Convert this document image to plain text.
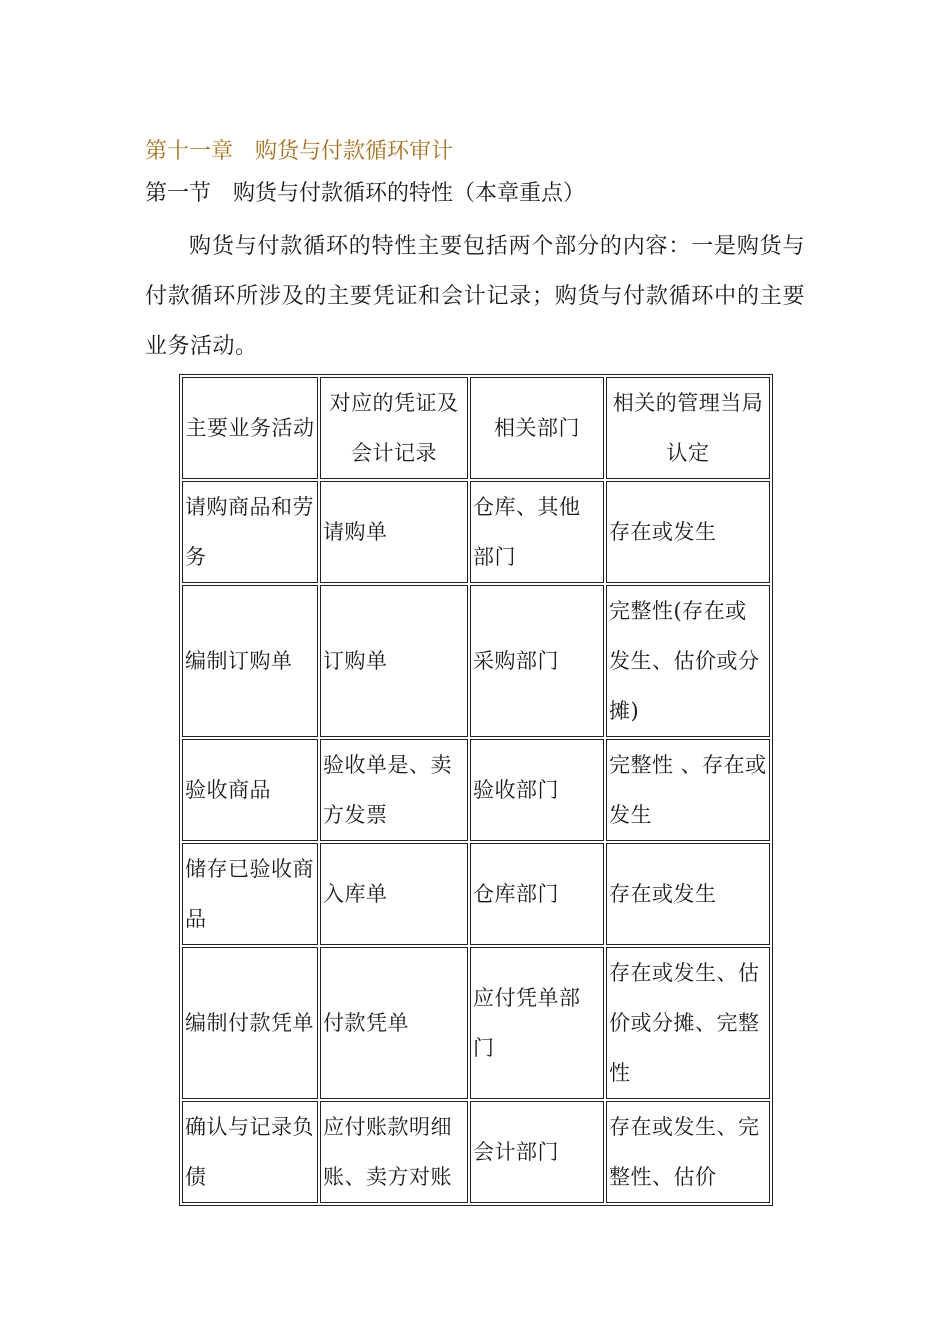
第十一章　购货与付款循环审计
第一节　购货与付款循环的特性（本章重点）

购货与付款循环的特性主要包括两个部分的内容：一是购货与付款循环所涉及的主要凭证和会计记录；购货与付款循环中的主要业务活动。

主要业务活动	对应的凭证及会计记录	相关部门	相关的管理当局认定
请购商品和劳务	请购单	仓库、其他部门	存在或发生
编制订购单	订购单	采购部门	完整性(存在或发生、估价或分摊)
验收商品	验收单是、卖方发票	验收部门	完整性 、存在或发生
储存已验收商品	入库单	仓库部门	存在或发生
编制付款凭单	付款凭单	应付凭单部门	存在或发生、估价或分摊、完整性
确认与记录负债	应付账款明细账、卖方对账	会计部门	存在或发生、完整性、估价
